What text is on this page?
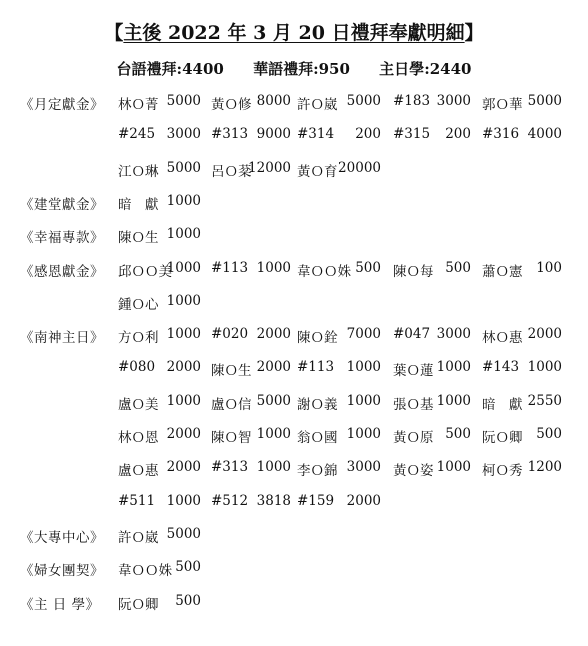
【主後 2022 年 3 月 20 日禮拜奉獻明細】
台語禮拜:4400 華語禮拜:950 主日學:2440
《月定獻金》 林Ｏ菁 5000 黃Ｏ修 8000 許Ｏ崴 5000 #183 3000 郭Ｏ華 5000
#245 3000 #313 9000 #314 200 #315 200 #316 4000
江Ｏ琳 5000 呂Ｏ棻
12000 黃Ｏ育 20000
《建堂獻金》 暗　獻 1000
《幸福專款》 陳Ｏ生 1000
《感恩獻金》 邱ＯＯ美
1000 #113 1000 韋ＯＯ姝 500 陳Ｏ每 500 蕭Ｏ憲 100
鍾Ｏ心 1000
《南神主日》 方Ｏ利 1000 #020 2000 陳Ｏ銓 7000 #047 3000 林Ｏ惠 2000
#080 2000 陳Ｏ生 2000 #113 1000 葉Ｏ蓮 1000 #143 1000
盧Ｏ美 1000 盧Ｏ信 5000 謝Ｏ義 1000 張Ｏ基 1000 暗　獻 2550
林Ｏ恩 2000 陳Ｏ智 1000 翁Ｏ國 1000 黃Ｏ原 500 阮Ｏ卿 500
盧Ｏ惠 2000 #313 1000 李Ｏ錦 3000 黃Ｏ姿 1000 柯Ｏ秀 1200
#511 1000 #512 3818 #159 2000
《大專中心》 許Ｏ崴 5000
《婦女團契》 韋ＯＯ姝 500
《主 日 學》 阮Ｏ卿 500
